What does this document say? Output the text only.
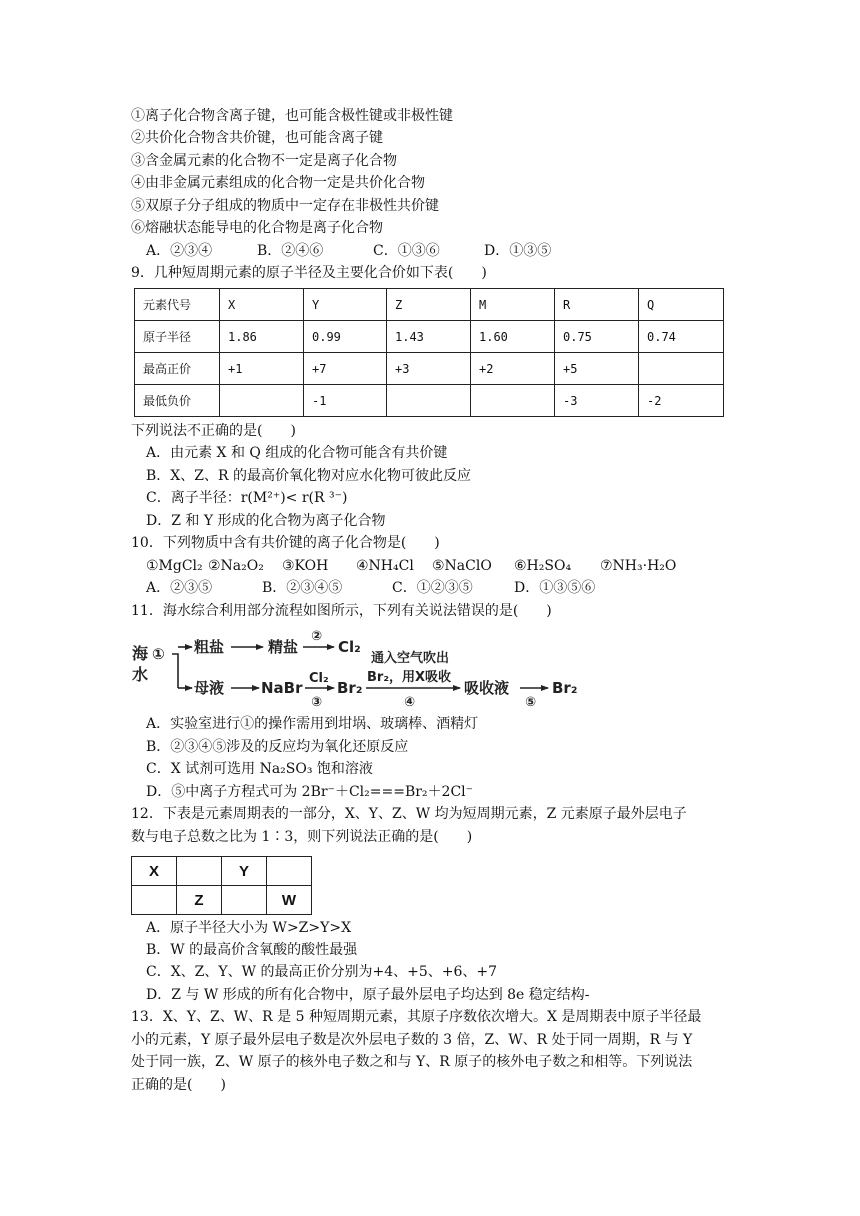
①离子化合物含离子键，也可能含极性键或非极性键
②共价化合物含共价键，也可能含离子键
③含金属元素的化合物不一定是离子化合物
④由非金属元素组成的化合物一定是共价化合物
⑤双原子分子组成的物质中一定存在非极性共价键
⑥熔融状态能导电的化合物是离子化合物
A．②③④	B．②④⑥	C．①③⑥	D．①③⑤
9．几种短周期元素的原子半径及主要化合价如下表(　　)
元素代号	X	Y	Z	M	R	Q
原子半径	1.86	0.99	1.43	1.60	0.75	0.74
最高正价	+1	+7	+3	+2	+5	
最低负价		-1			-3	-2
下列说法不正确的是(　　)
A．由元素 X 和 Q 组成的化合物可能含有共价键
B．X、Z、R 的最高价氧化物对应水化物可彼此反应
C．离子半径：r(M²⁺)< r(R ³⁻)
D．Z 和 Y 形成的化合物为离子化合物
10．下列物质中含有共价键的离子化合物是(　　)
①MgCl₂ ②Na₂O₂ ③KOH ④NH₄Cl ⑤NaClO ⑥H₂SO₄ ⑦NH₃·H₂O
A．②③⑤	B．②③④⑤	C．①②③⑤	D．①③⑤⑥
11．海水综合利用部分流程如图所示，下列有关说法错误的是(　　)
海
水
① 粗盐	精盐
②
Cl₂
母液 NaBr
Cl₂
③
Br₂
通入空气吹出
Br₂，用X吸收
④
吸收液
⑤
Br₂
A．实验室进行①的操作需用到坩埚、玻璃棒、酒精灯
B．②③④⑤涉及的反应均为氧化还原反应
C．X 试剂可选用 Na₂SO₃ 饱和溶液
D．⑤中离子方程式可为 2Br⁻＋Cl₂===Br₂＋2Cl⁻
12．下表是元素周期表的一部分，X、Y、Z、W 均为短周期元素，Z 元素原子最外层电子
数与电子总数之比为 1∶3，则下列说法正确的是(　　)
X		Y	
	Z		W
A．原子半径大小为 W>Z>Y>X
B．W 的最高价含氧酸的酸性最强
C．X、Z、Y、W 的最高正价分别为+4、+5、+6、+7
D．Z 与 W 形成的所有化合物中，原子最外层电子均达到 8e 稳定结构-
13．X、Y、Z、W、R 是 5 种短周期元素，其原子序数依次增大。X 是周期表中原子半径最
小的元素，Y 原子最外层电子数是次外层电子数的 3 倍，Z、W、R 处于同一周期，R 与 Y
处于同一族，Z、W 原子的核外电子数之和与 Y、R 原子的核外电子数之和相等。下列说法
正确的是(　　)
